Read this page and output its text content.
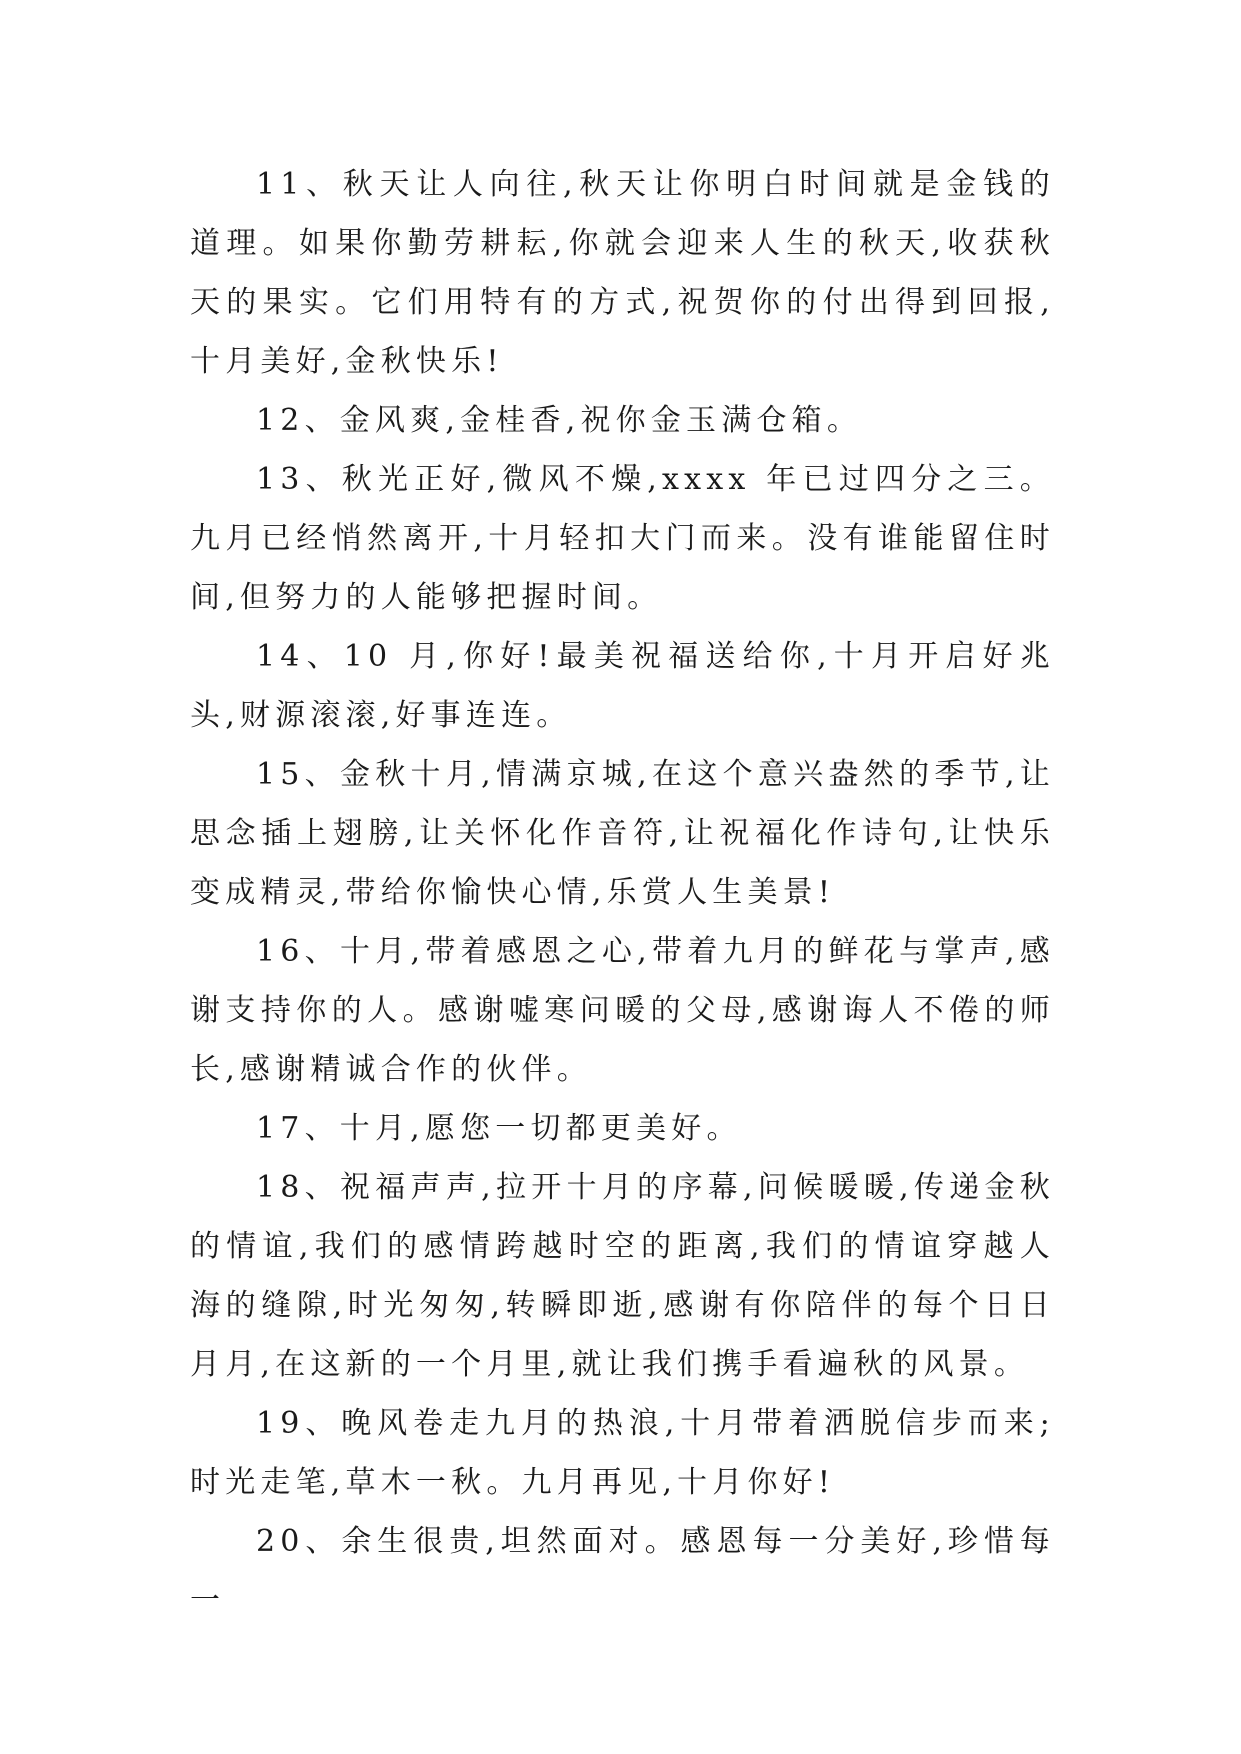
11、秋天让人向往,秋天让你明白时间就是金钱的道理。如果你勤劳耕耘,你就会迎来人生的秋天,收获秋天的果实。它们用特有的方式,祝贺你的付出得到回报,十月美好,金秋快乐!

12、金风爽,金桂香,祝你金玉满仓箱。

13、秋光正好,微风不燥,xxxx 年已过四分之三。九月已经悄然离开,十月轻扣大门而来。没有谁能留住时间,但努力的人能够把握时间。

14、10 月,你好!最美祝福送给你,十月开启好兆头,财源滚滚,好事连连。

15、金秋十月,情满京城,在这个意兴盎然的季节,让思念插上翅膀,让关怀化作音符,让祝福化作诗句,让快乐变成精灵,带给你愉快心情,乐赏人生美景!

16、十月,带着感恩之心,带着九月的鲜花与掌声,感谢支持你的人。感谢嘘寒问暖的父母,感谢诲人不倦的师长,感谢精诚合作的伙伴。

17、十月,愿您一切都更美好。

18、祝福声声,拉开十月的序幕,问候暖暖,传递金秋的情谊,我们的感情跨越时空的距离,我们的情谊穿越人海的缝隙,时光匆匆,转瞬即逝,感谢有你陪伴的每个日日月月,在这新的一个月里,就让我们携手看遍秋的风景。

19、晚风卷走九月的热浪,十月带着洒脱信步而来;时光走笔,草木一秋。九月再见,十月你好!

20、余生很贵,坦然面对。感恩每一分美好,珍惜每一
